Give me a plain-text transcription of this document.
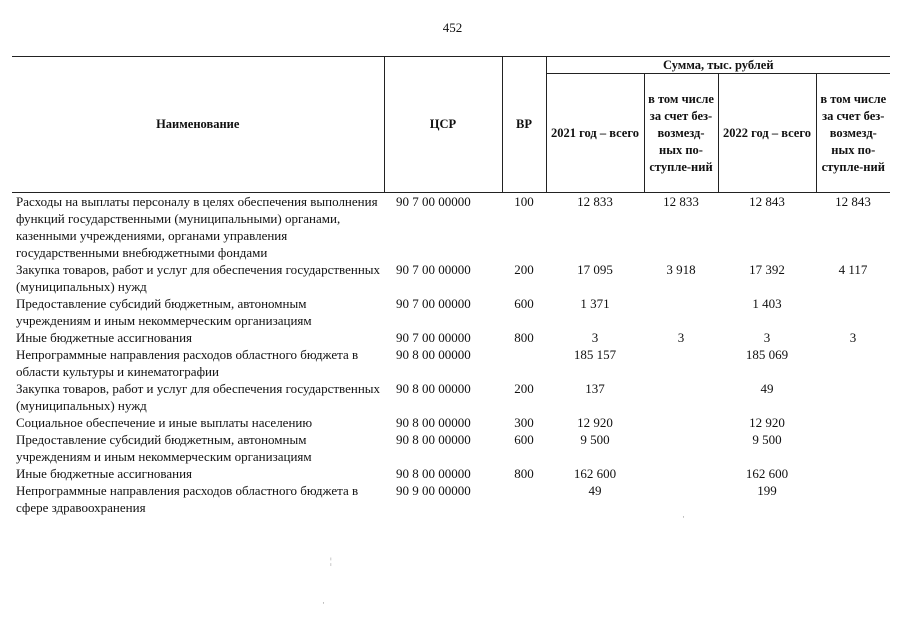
452
Наименование	ЦСР	ВР	Сумма, тыс. рублей			
			2021 год – всего	в том числе за счет без-возмезд-ных по-ступле-ний	2022 год – всего	в том числе за счет без-возмезд-ных по-ступле-ний
Расходы на выплаты персоналу в целях обеспечения выполнения функций государственными (муниципальными) органами, казенными учреждениями, органами управления государственными внебюджетными фондами	90 7 00 00000	100	12 833	12 833	12 843	12 843
Закупка товаров, работ и услуг для обеспечения государственных (муниципальных) нужд	90 7 00 00000	200	17 095	3 918	17 392	4 117
Предоставление субсидий бюджетным, автономным учреждениям и иным некоммерческим организациям	90 7 00 00000	600	1 371		1 403	
Иные бюджетные ассигнования	90 7 00 00000	800	3	3	3	3
Непрограммные направления расходов областного бюджета в области культуры и кинематографии	90 8 00 00000		185 157		185 069	
Закупка товаров, работ и услуг для обеспечения государственных (муниципальных) нужд	90 8 00 00000	200	137		49	
Социальное обеспечение и иные выплаты населению	90 8 00 00000	300	12 920		12 920	
Предоставление субсидий бюджетным, автономным учреждениям и иным некоммерческим организациям	90 8 00 00000	600	9 500		9 500	
Иные бюджетные ассигнования	90 8 00 00000	800	162 600		162 600	
Непрограммные направления расходов областного бюджета в сфере здравоохранения	90 9 00 00000		49		199	
¦
·
·
